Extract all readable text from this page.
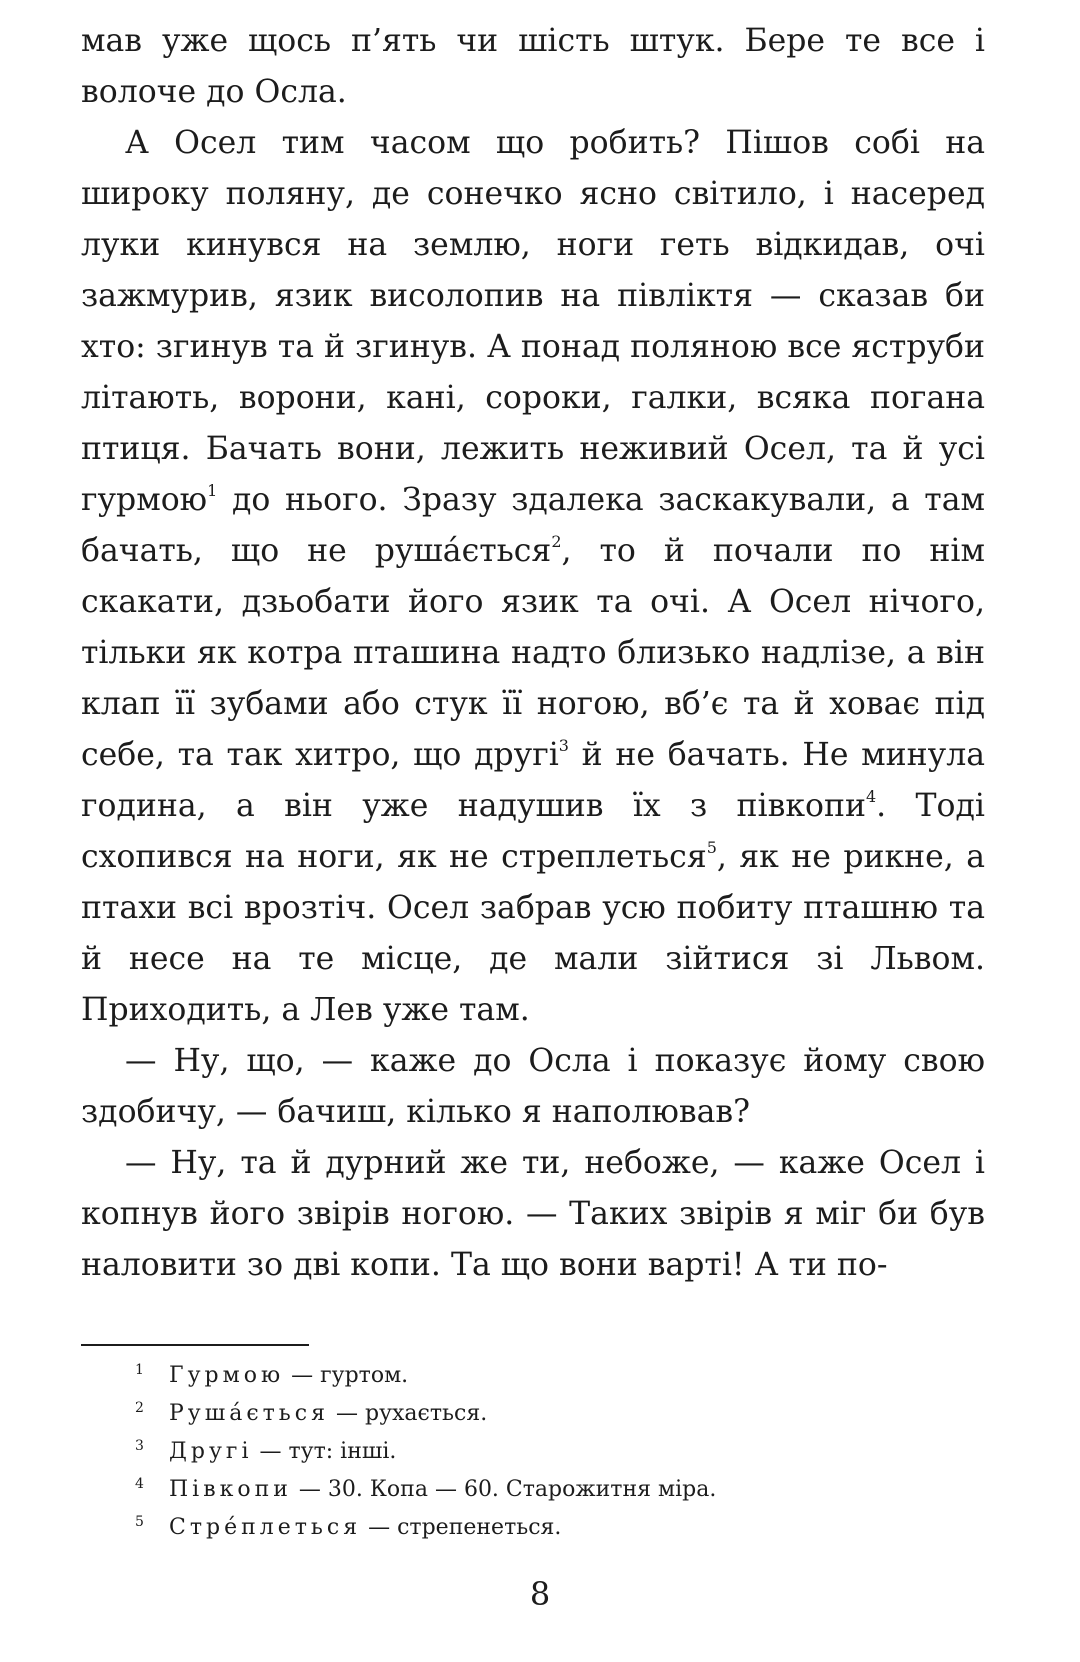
мав уже щось п’ять чи шість штук. Бере те все і волоче до Осла.

А Осел тим часом що робить? Пішов собі на широку поляну, де сонечко ясно світило, і насеред луки кинувся на землю, ноги геть відкидав, очі зажмурив, язик висолопив на півліктя — сказав би хто: згинув та й згинув. А понад поляною все яструби літають, ворони, кані, сороки, галки, всяка погана птиця. Бачать вони, лежить неживий Осел, та й усі гурмою$^1$ до нього. Зразу здалека заскакували, а там бачать, що не руша́ється$^2$, то й почали по нім скакати, дзьобати його язик та очі. А Осел нічого, тільки як котра пташина надто близько надлізе, а він клап її зубами або стук її ногою, вб’є та й ховає під себе, та так хитро, що другі$^3$ й не бачать. Не минула година, а він уже надушив їх з півкопи$^4$. Тоді схопився на ноги, як не стреплеться$^5$, як не рикне, а птахи всі врозтіч. Осел забрав усю побиту пташню та й несе на те місце, де мали зійтися зі Львом. Приходить, а Лев уже там.

— Ну, що, — каже до Осла і показує йому свою здобичу, — бачиш, кілько я наполював?

— Ну, та й дурний же ти, небоже, — каже Осел і копнув його звірів ногою. — Таких звірів я міг би був наловити зо дві копи. Та що вони варті! А ти по-

1 Гурмою — гуртом.
2 Руша́ється — рухається.
3 Другі — тут: інші.
4 Півкопи — 30. Копа — 60. Старожитня міра.
5 Стре́плеться — стрепенеться.
8
